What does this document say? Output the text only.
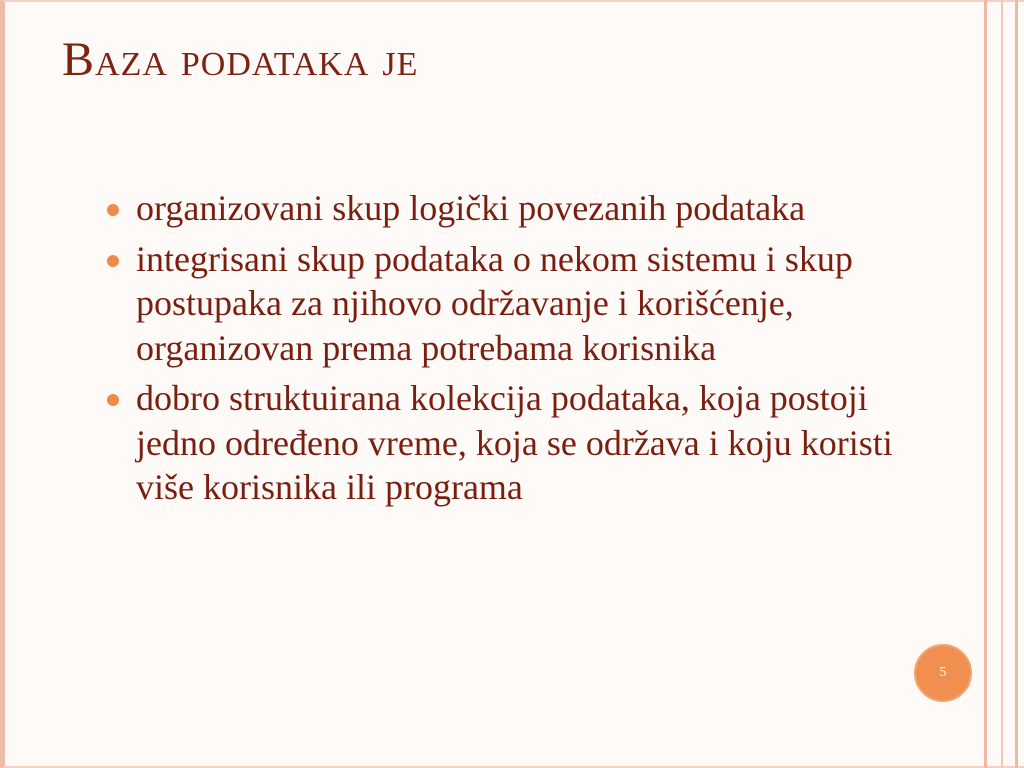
Baza podataka je
organizovani skup logički povezanih podataka
integrisani skup podataka o nekom sistemu i skup postupaka za njihovo održavanje i korišćenje, organizovan prema potrebama korisnika
dobro struktuirana kolekcija podataka, koja postoji jedno određeno vreme, koja se održava i koju koristi više korisnika ili programa
5
